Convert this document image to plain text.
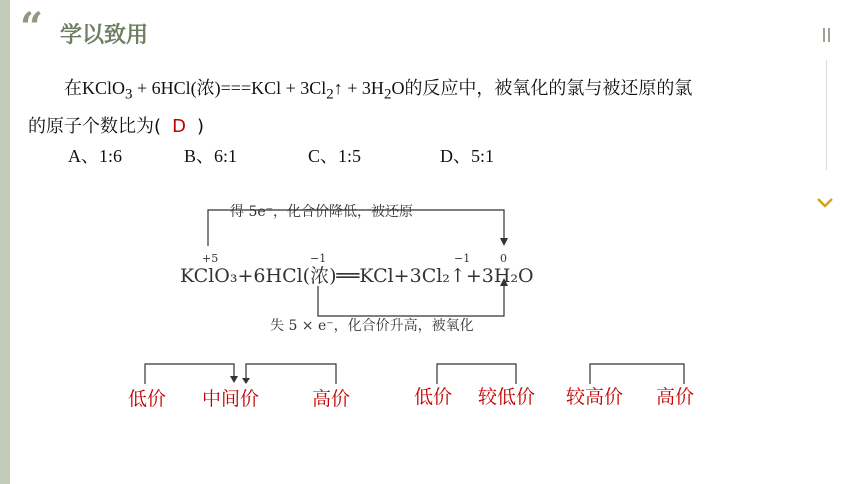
“ 学以致用
在KClO$_3$ + 6HCl(浓)$===KCl + 3Cl_2↑ + 3H_2O$的反应中，被氧化的氯与被还原的氯
的原子个数比为( D )
A、1:6	B、6:1	C、1:5	D、5:1
得 5e⁻，化合价降低，被还原
失 5 × e⁻，化合价升高，被氧化
+5	−1	−1	0
KClO₃+6HCl(浓)══KCl+3Cl₂↑+3H₂O
低价 中间价	高价	低价 较低价 较高价 高价
